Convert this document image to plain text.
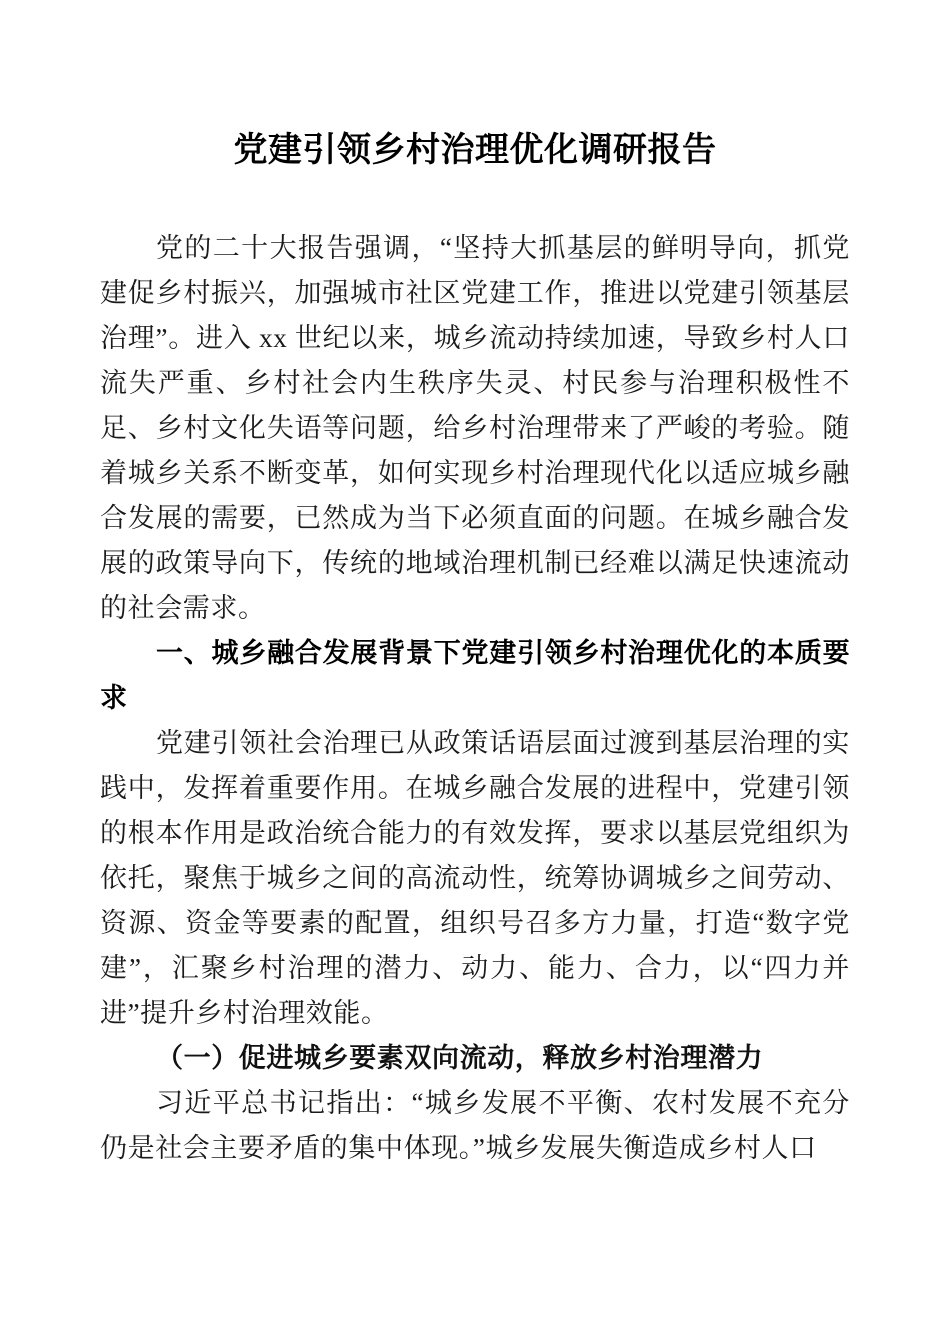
党建引领乡村治理优化调研报告

党的二十大报告强调，“坚持大抓基层的鲜明导向，抓党建促乡村振兴，加强城市社区党建工作，推进以党建引领基层治理”。进入 xx 世纪以来，城乡流动持续加速，导致乡村人口流失严重、乡村社会内生秩序失灵、村民参与治理积极性不足、乡村文化失语等问题，给乡村治理带来了严峻的考验。随着城乡关系不断变革，如何实现乡村治理现代化以适应城乡融合发展的需要，已然成为当下必须直面的问题。在城乡融合发展的政策导向下，传统的地域治理机制已经难以满足快速流动的社会需求。

一、城乡融合发展背景下党建引领乡村治理优化的本质要求

党建引领社会治理已从政策话语层面过渡到基层治理的实践中，发挥着重要作用。在城乡融合发展的进程中，党建引领的根本作用是政治统合能力的有效发挥，要求以基层党组织为依托，聚焦于城乡之间的高流动性，统筹协调城乡之间劳动、资源、资金等要素的配置，组织号召多方力量，打造“数字党建”，汇聚乡村治理的潜力、动力、能力、合力，以“四力并进”提升乡村治理效能。

（一）促进城乡要素双向流动，释放乡村治理潜力

习近平总书记指出：“城乡发展不平衡、农村发展不充分仍是社会主要矛盾的集中体现。”城乡发展失衡造成乡村人口
